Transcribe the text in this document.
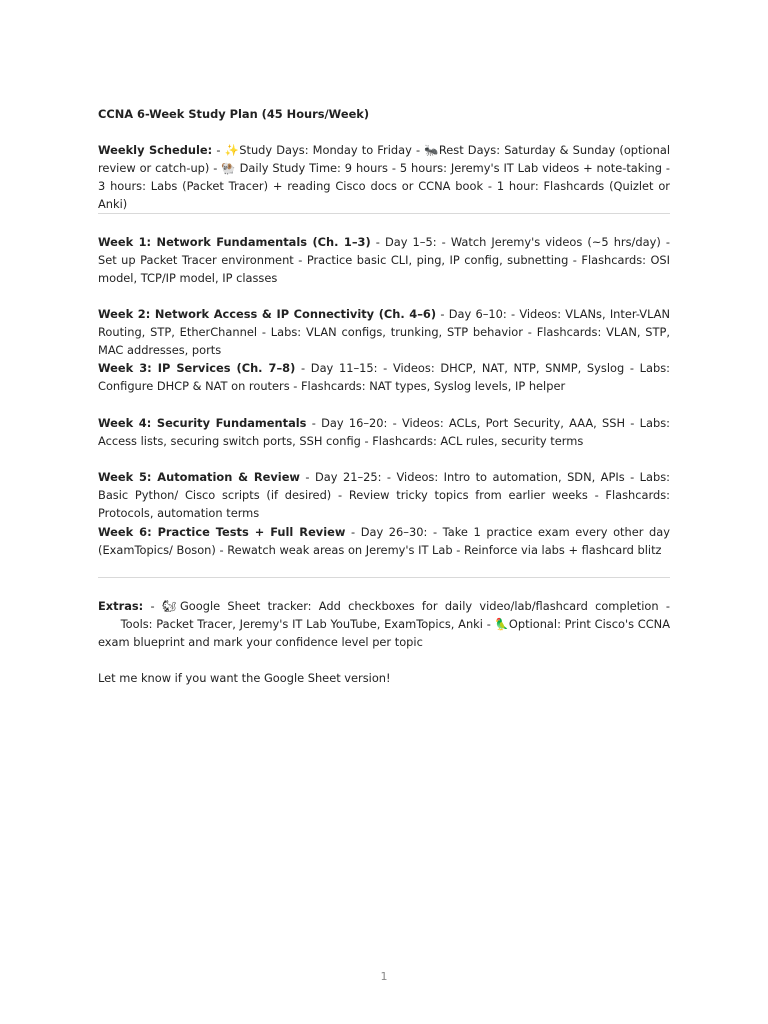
CCNA 6-Week Study Plan (45 Hours/Week)
Weekly Schedule: - ✨Study Days: Monday to Friday - 🐜Rest Days: Saturday & Sunday (optional review or catch-up) - 🐏 Daily Study Time: 9 hours - 5 hours: Jeremy's IT Lab videos + note-taking - 3 hours: Labs (Packet Tracer) + reading Cisco docs or CCNA book - 1 hour: Flashcards (Quizlet or Anki)
Week 1: Network Fundamentals (Ch. 1–3) - Day 1–5: - Watch Jeremy's videos (~5 hrs/day) - Set up Packet Tracer environment - Practice basic CLI, ping, IP config, subnetting - Flashcards: OSI model, TCP/IP model, IP classes
Week 2: Network Access & IP Connectivity (Ch. 4–6) - Day 6–10: - Videos: VLANs, Inter-VLAN Routing, STP, EtherChannel - Labs: VLAN configs, trunking, STP behavior - Flashcards: VLAN, STP, MAC addresses, ports
Week 3: IP Services (Ch. 7–8) - Day 11–15: - Videos: DHCP, NAT, NTP, SNMP, Syslog - Labs: Configure DHCP & NAT on routers - Flashcards: NAT types, Syslog levels, IP helper
Week 4: Security Fundamentals - Day 16–20: - Videos: ACLs, Port Security, AAA, SSH - Labs: Access lists, securing switch ports, SSH config - Flashcards: ACL rules, security terms
Week 5: Automation & Review - Day 21–25: - Videos: Intro to automation, SDN, APIs - Labs: Basic Python/ Cisco scripts (if desired) - Review tricky topics from earlier weeks - Flashcards: Protocols, automation terms
Week 6: Practice Tests + Full Review - Day 26–30: - Take 1 practice exam every other day (ExamTopics/ Boson) - Rewatch weak areas on Jeremy's IT Lab - Reinforce via labs + flashcard blitz
Extras: - 🐿Google Sheet tracker: Add checkboxes for daily video/lab/flashcard completion -       Tools: Packet Tracer, Jeremy's IT Lab YouTube, ExamTopics, Anki - 🦜Optional: Print Cisco's CCNA exam blueprint and mark your confidence level per topic
Let me know if you want the Google Sheet version!
1
